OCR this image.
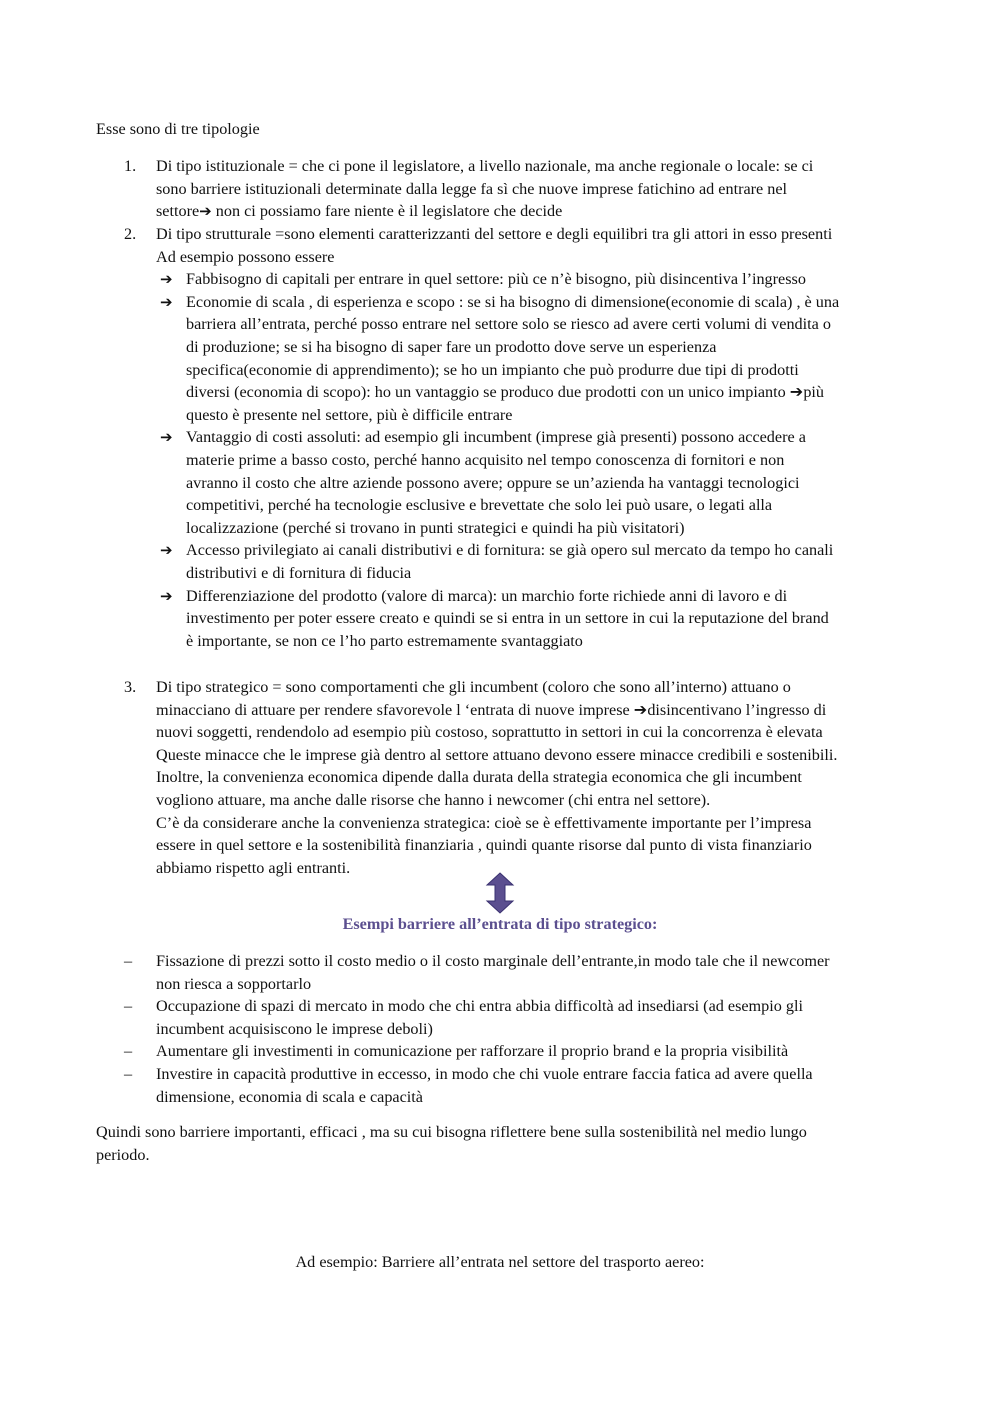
Esse sono di tre tipologie
1. Di tipo istituzionale = che ci pone il legislatore, a livello nazionale, ma anche regionale o locale: se ci
sono barriere istituzionali determinate dalla legge fa sì che nuove imprese fatichino ad entrare nel
settore➔ non ci possiamo fare niente è il legislatore che decide
2. Di tipo strutturale =sono elementi caratterizzanti del settore e degli equilibri tra gli attori in esso presenti
Ad esempio possono essere
➔ Fabbisogno di capitali per entrare in quel settore: più ce n’è bisogno, più disincentiva l’ingresso
➔ Economie di scala , di esperienza e scopo : se si ha bisogno di dimensione(economie di scala) , è una
barriera all’entrata, perché posso entrare nel settore solo se riesco ad avere certi volumi di vendita o
di produzione; se si ha bisogno di saper fare un prodotto dove serve un esperienza
specifica(economie di apprendimento); se ho un impianto che può produrre due tipi di prodotti
diversi (economia di scopo): ho un vantaggio se produco due prodotti con un unico impianto ➔più
questo è presente nel settore, più è difficile entrare
➔ Vantaggio di costi assoluti: ad esempio gli incumbent (imprese già presenti) possono accedere a
materie prime a basso costo, perché hanno acquisito nel tempo conoscenza di fornitori e non
avranno il costo che altre aziende possono avere; oppure se un’azienda ha vantaggi tecnologici
competitivi, perché ha tecnologie esclusive e brevettate che solo lei può usare, o legati alla
localizzazione (perché si trovano in punti strategici e quindi ha più visitatori)
➔ Accesso privilegiato ai canali distributivi e di fornitura: se già opero sul mercato da tempo ho canali
distributivi e di fornitura di fiducia
➔ Differenziazione del prodotto (valore di marca): un marchio forte richiede anni di lavoro e di
investimento per poter essere creato e quindi se si entra in un settore in cui la reputazione del brand
è importante, se non ce l’ho parto estremamente svantaggiato
3. Di tipo strategico = sono comportamenti che gli incumbent (coloro che sono all’interno) attuano o
minacciano di attuare per rendere sfavorevole l ‘entrata di nuove imprese ➔disincentivano l’ingresso di
nuovi soggetti, rendendolo ad esempio più costoso, soprattutto in settori in cui la concorrenza è elevata
Queste minacce che le imprese già dentro al settore attuano devono essere minacce credibili e sostenibili.
Inoltre, la convenienza economica dipende dalla durata della strategia economica che gli incumbent
vogliono attuare, ma anche dalle risorse che hanno i newcomer (chi entra nel settore).
C’è da considerare anche la convenienza strategica: cioè se è effettivamente importante per l’impresa
essere in quel settore e la sostenibilità finanziaria , quindi quante risorse dal punto di vista finanziario
abbiamo rispetto agli entranti.
Esempi barriere all’entrata di tipo strategico:
– Fissazione di prezzi sotto il costo medio o il costo marginale dell’entrante,in modo tale che il newcomer
non riesca a sopportarlo
– Occupazione di spazi di mercato in modo che chi entra abbia difficoltà ad insediarsi (ad esempio gli
incumbent acquisiscono le imprese deboli)
– Aumentare gli investimenti in comunicazione per rafforzare il proprio brand e la propria visibilità
– Investire in capacità produttive in eccesso, in modo che chi vuole entrare faccia fatica ad avere quella
dimensione, economia di scala e capacità
Quindi sono barriere importanti, efficaci , ma su cui bisogna riflettere bene sulla sostenibilità nel medio lungo
periodo.
Ad esempio: Barriere all’entrata nel settore del trasporto aereo:
